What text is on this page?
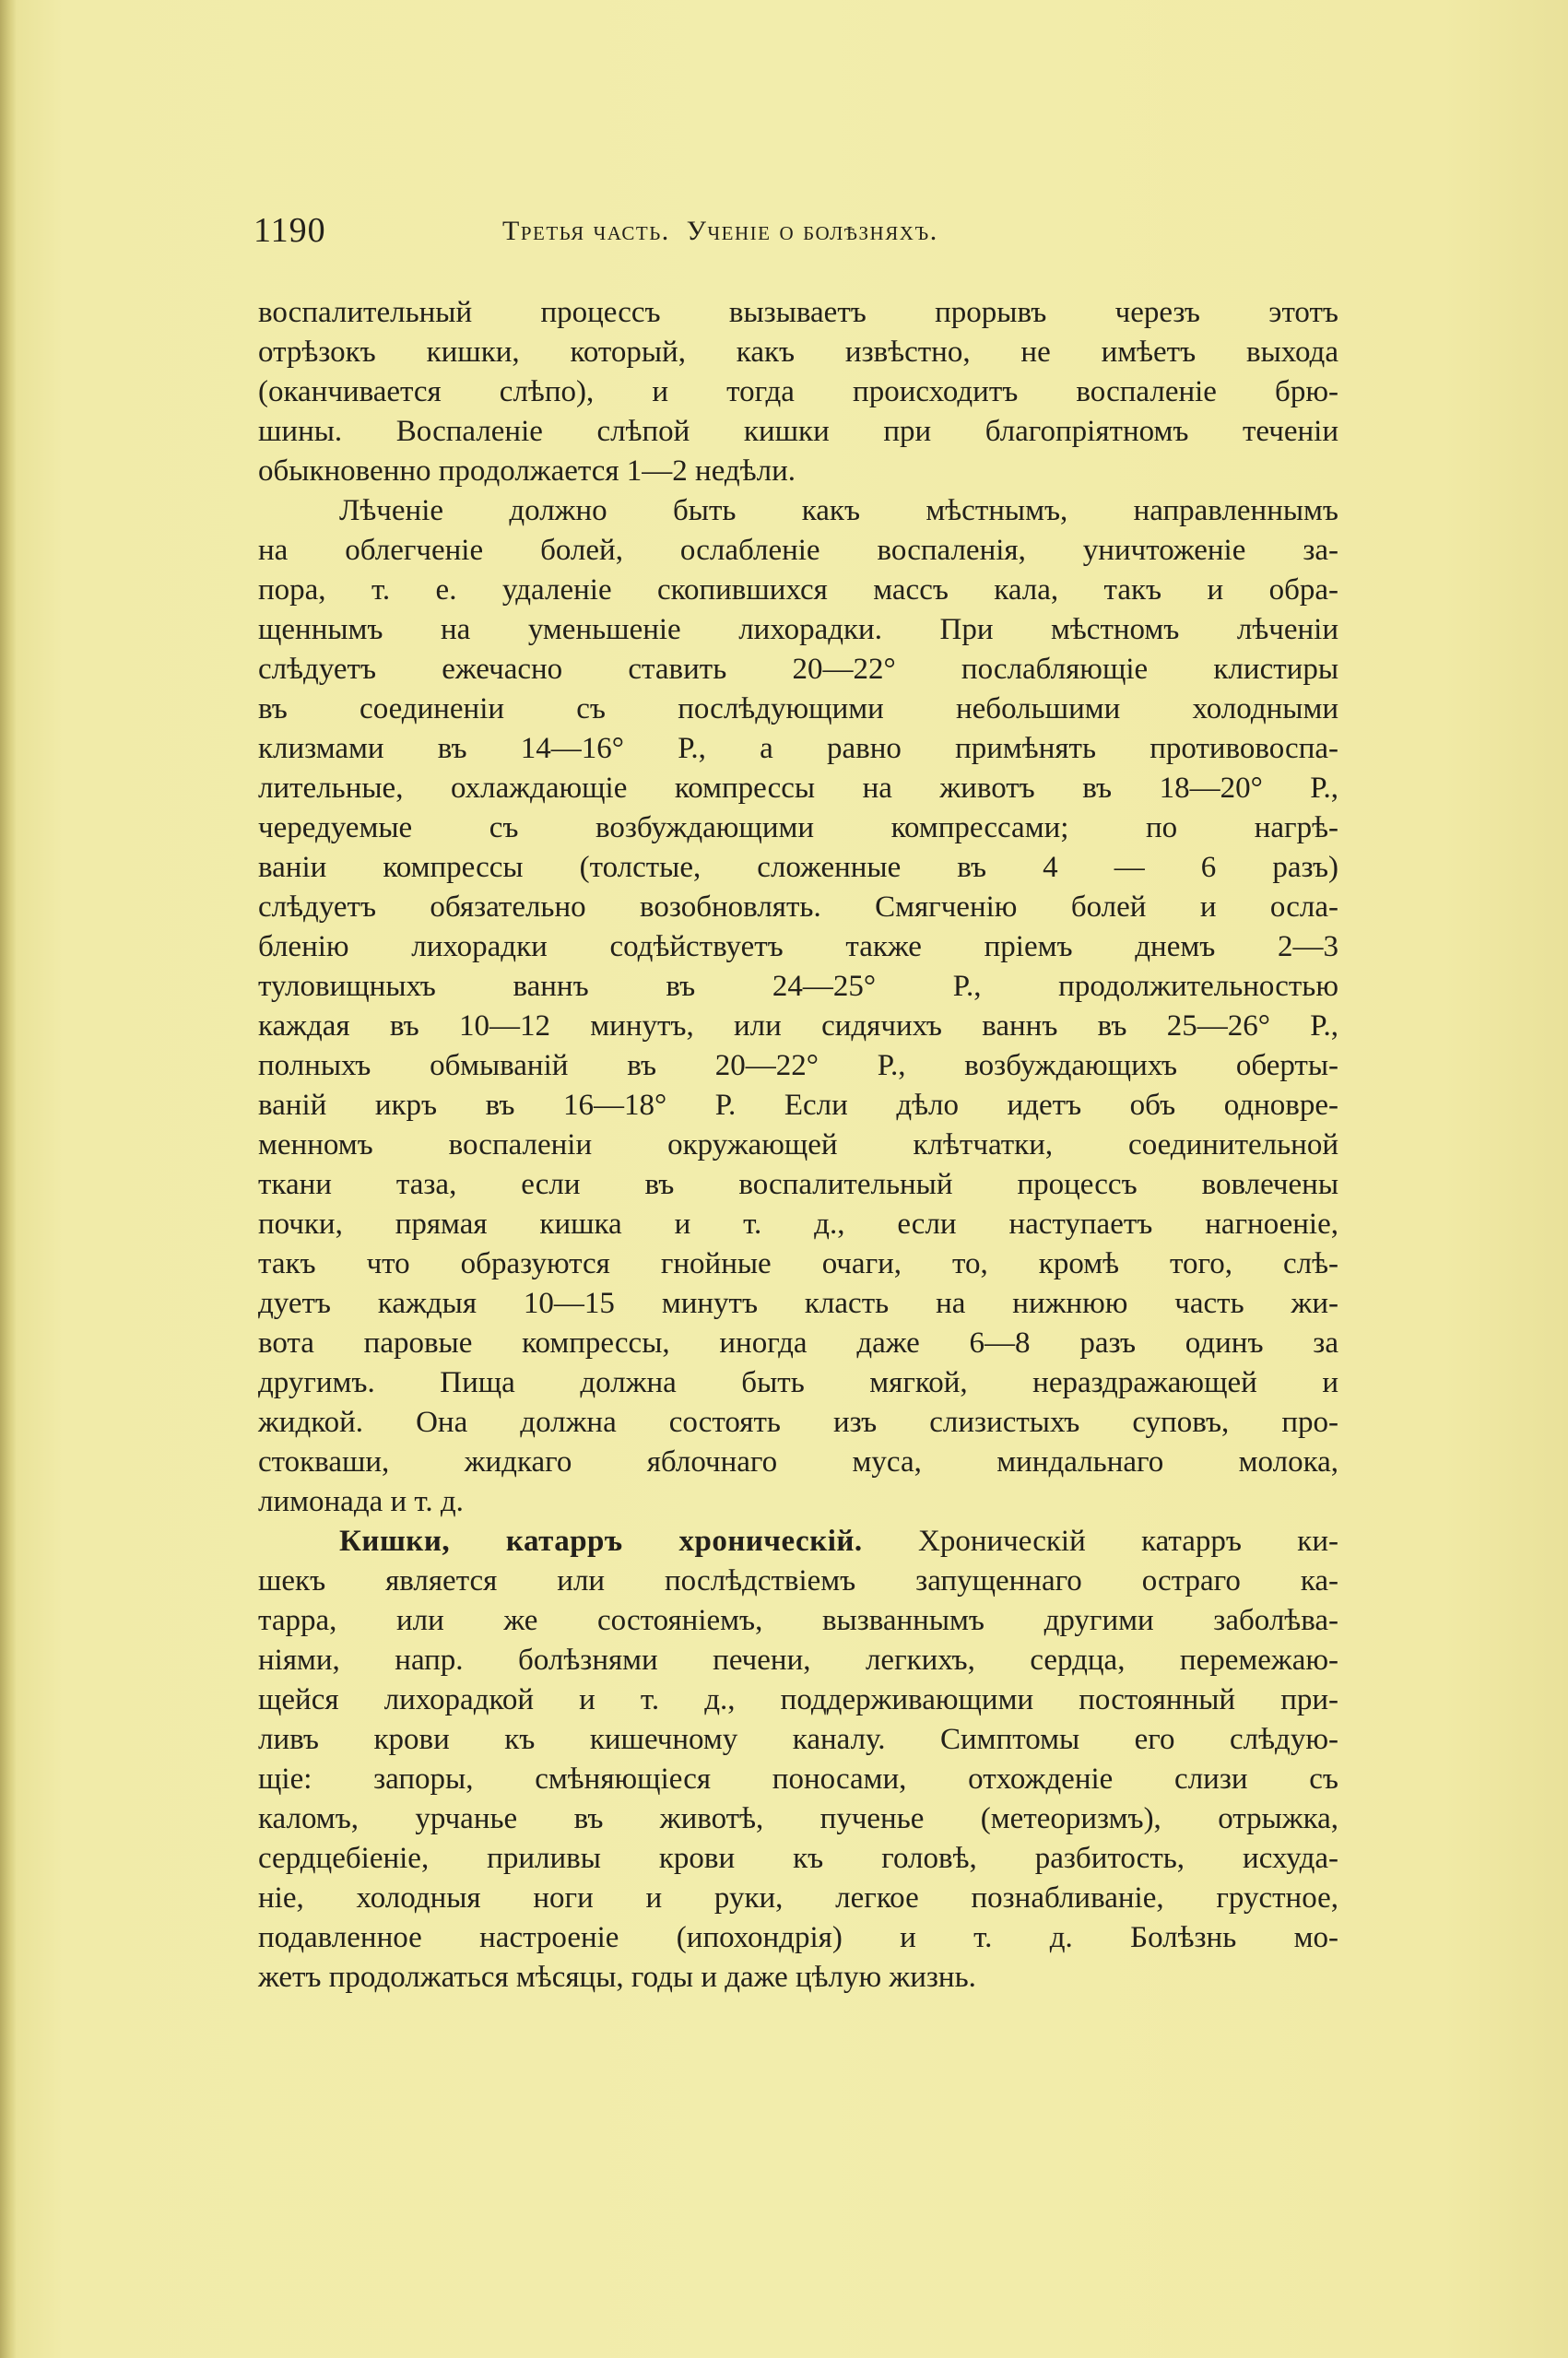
1190	Третья часть.  Ученіе о болѣзняхъ.
воспалительный процессъ вызываетъ прорывъ черезъ этотъ
отрѣзокъ кишки, который, какъ извѣстно, не имѣетъ выхода
(оканчивается слѣпо), и тогда происходитъ воспаленіе брю-
шины. Воспаленіе слѣпой кишки при благопріятномъ теченіи
обыкновенно продолжается 1—2 недѣли.
Лѣченіе должно быть какъ мѣстнымъ, направленнымъ
на облегченіе болей, ослабленіе воспаленія, уничтоженіе за-
пора, т. е. удаленіе скопившихся массъ кала, такъ и обра-
щеннымъ на уменьшеніе лихорадки. При мѣстномъ лѣченіи
слѣдуетъ ежечасно ставить 20—22° послабляющіе клистиры
въ соединеніи съ послѣдующими небольшими холодными
клизмами въ 14—16° Р., а равно примѣнять противовоспа-
лительные, охлаждающіе компрессы на животъ въ 18—20° Р.,
чередуемые съ возбуждающими компрессами; по нагрѣ-
ваніи компрессы (толстые, сложенные въ 4 — 6 разъ)
слѣдуетъ обязательно возобновлять. Смягченію болей и осла-
бленію лихорадки содѣйствуетъ также пріемъ днемъ 2—3
туловищныхъ ваннъ въ 24—25° Р., продолжительностью
каждая въ 10—12 минутъ, или сидячихъ ваннъ въ 25—26° Р.,
полныхъ обмываній въ 20—22° Р., возбуждающихъ оберты-
ваній икръ въ 16—18° Р. Если дѣло идетъ объ одновре-
менномъ воспаленіи окружающей клѣтчатки, соединительной
ткани таза, если въ воспалительный процессъ вовлечены
почки, прямая кишка и т. д., если наступаетъ нагноеніе,
такъ что образуются гнойные очаги, то, кромѣ того, слѣ-
дуетъ каждыя 10—15 минутъ класть на нижнюю часть жи-
вота паровые компрессы, иногда даже 6—8 разъ одинъ за
другимъ. Пища должна быть мягкой, нераздражающей и
жидкой. Она должна состоять изъ слизистыхъ суповъ, про-
стокваши, жидкаго яблочнаго муса, миндальнаго молока,
лимонада и т. д.
Кишки, катарръ хроническій. Хроническій катарръ ки-
шекъ является или послѣдствіемъ запущеннаго остраго ка-
тарра, или же состояніемъ, вызваннымъ другими заболѣва-
ніями, напр. болѣзнями печени, легкихъ, сердца, перемежаю-
щейся лихорадкой и т. д., поддерживающими постоянный при-
ливъ крови къ кишечному каналу. Симптомы его слѣдую-
щіе: запоры, смѣняющіеся поносами, отхожденіе слизи съ
каломъ, урчанье въ животѣ, пученье (метеоризмъ), отрыжка,
сердцебіеніе, приливы крови къ головѣ, разбитость, исхуда-
ніе, холодныя ноги и руки, легкое познабливаніе, грустное,
подавленное настроеніе (ипохондрія) и т. д. Болѣзнь мо-
жетъ продолжаться мѣсяцы, годы и даже цѣлую жизнь.
